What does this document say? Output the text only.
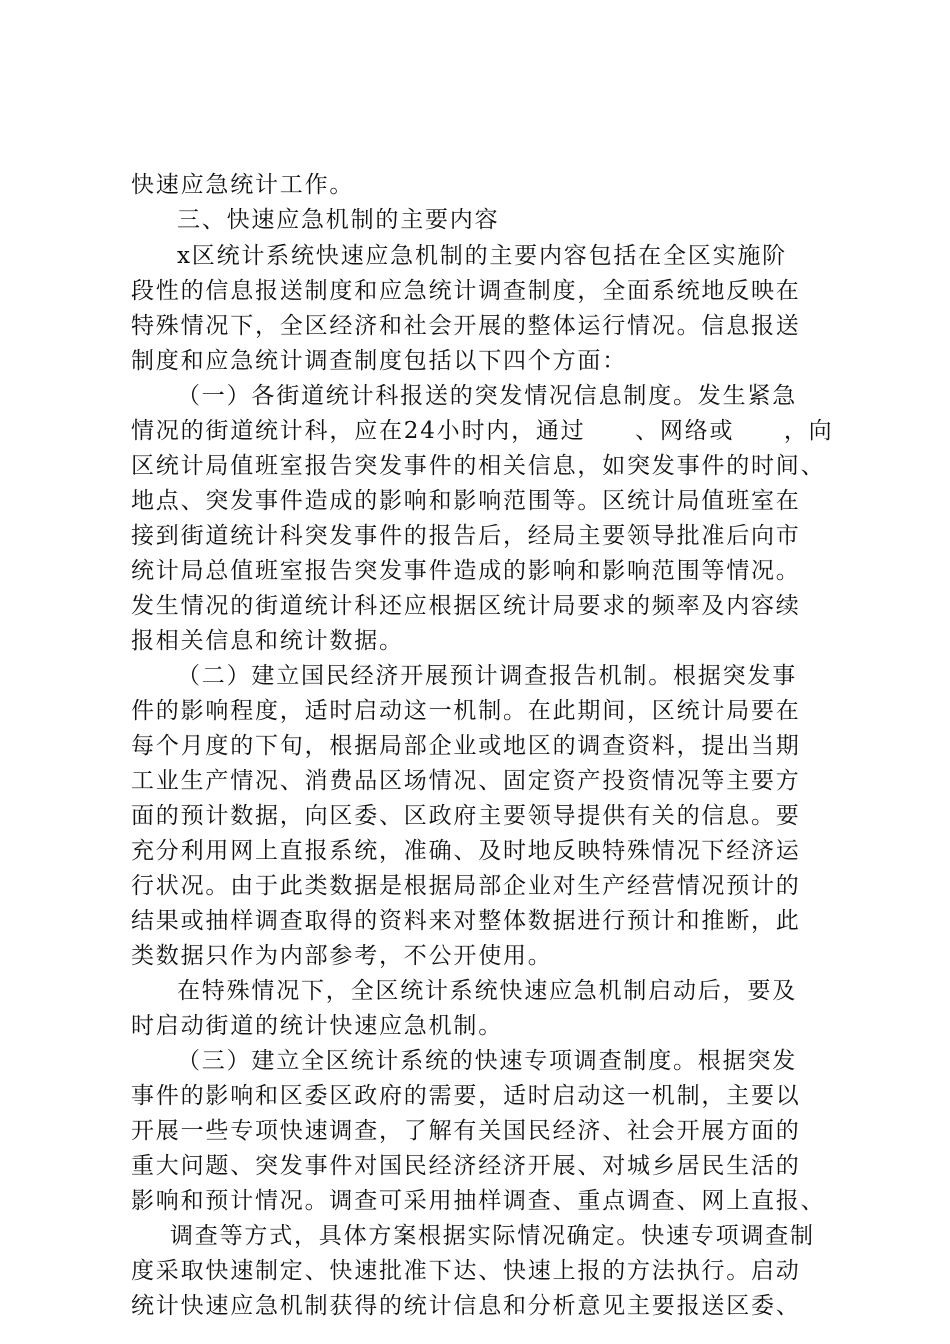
快速应急统计工作。
三、快速应急机制的主要内容
x区统计系统快速应急机制的主要内容包括在全区实施阶
段性的信息报送制度和应急统计调查制度，全面系统地反映在
特殊情况下，全区经济和社会开展的整体运行情况。信息报送
制度和应急统计调查制度包括以下四个方面：
（一）各街道统计科报送的突发情况信息制度。发生紧急
情况的街道统计科，应在24小时内，通过　　、网络或　　，向
区统计局值班室报告突发事件的相关信息，如突发事件的时间、
地点、突发事件造成的影响和影响范围等。区统计局值班室在
接到街道统计科突发事件的报告后，经局主要领导批准后向市
统计局总值班室报告突发事件造成的影响和影响范围等情况。
发生情况的街道统计科还应根据区统计局要求的频率及内容续
报相关信息和统计数据。
（二）建立国民经济开展预计调查报告机制。根据突发事
件的影响程度，适时启动这一机制。在此期间，区统计局要在
每个月度的下旬，根据局部企业或地区的调查资料，提出当期
工业生产情况、消费品区场情况、固定资产投资情况等主要方
面的预计数据，向区委、区政府主要领导提供有关的信息。要
充分利用网上直报系统，准确、及时地反映特殊情况下经济运
行状况。由于此类数据是根据局部企业对生产经营情况预计的
结果或抽样调查取得的资料来对整体数据进行预计和推断，此
类数据只作为内部参考，不公开使用。
在特殊情况下，全区统计系统快速应急机制启动后，要及
时启动街道的统计快速应急机制。
（三）建立全区统计系统的快速专项调查制度。根据突发
事件的影响和区委区政府的需要，适时启动这一机制，主要以
开展一些专项快速调查，了解有关国民经济、社会开展方面的
重大问题、突发事件对国民经济经济开展、对城乡居民生活的
影响和预计情况。调查可采用抽样调查、重点调查、网上直报、
调查等方式，具体方案根据实际情况确定。快速专项调查制
度采取快速制定、快速批准下达、快速上报的方法执行。启动
统计快速应急机制获得的统计信息和分析意见主要报送区委、
